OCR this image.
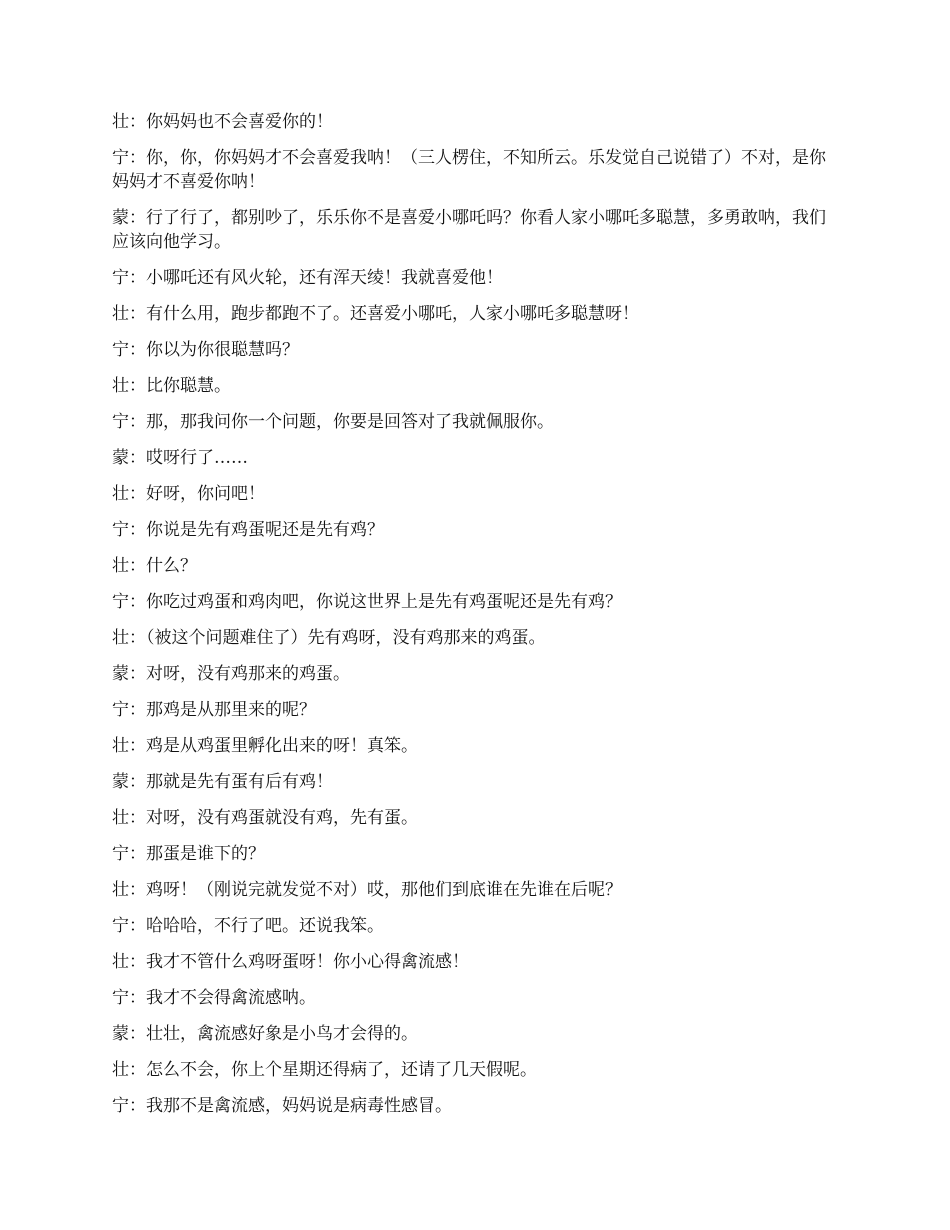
壮：你妈妈也不会喜爱你的！

宁：你，你，你妈妈才不会喜爱我呐！（三人楞住，不知所云。乐发觉自己说错了）不对，是你妈妈才不喜爱你呐！

蒙：行了行了，都别吵了，乐乐你不是喜爱小哪吒吗？你看人家小哪吒多聪慧，多勇敢呐，我们应该向他学习。

宁：小哪吒还有风火轮，还有浑天绫！我就喜爱他！

壮：有什么用，跑步都跑不了。还喜爱小哪吒，人家小哪吒多聪慧呀！

宁：你以为你很聪慧吗？

壮：比你聪慧。

宁：那，那我问你一个问题，你要是回答对了我就佩服你。

蒙：哎呀行了……

壮：好呀，你问吧！

宁：你说是先有鸡蛋呢还是先有鸡？

壮：什么？

宁：你吃过鸡蛋和鸡肉吧，你说这世界上是先有鸡蛋呢还是先有鸡？

壮：（被这个问题难住了）先有鸡呀，没有鸡那来的鸡蛋。

蒙：对呀，没有鸡那来的鸡蛋。

宁：那鸡是从那里来的呢？

壮：鸡是从鸡蛋里孵化出来的呀！真笨。

蒙：那就是先有蛋有后有鸡！

壮：对呀，没有鸡蛋就没有鸡，先有蛋。

宁：那蛋是谁下的？

壮：鸡呀！（刚说完就发觉不对）哎，那他们到底谁在先谁在后呢？

宁：哈哈哈，不行了吧。还说我笨。

壮：我才不管什么鸡呀蛋呀！你小心得禽流感！

宁：我才不会得禽流感呐。

蒙：壮壮，禽流感好象是小鸟才会得的。

壮：怎么不会，你上个星期还得病了，还请了几天假呢。

宁：我那不是禽流感，妈妈说是病毒性感冒。
